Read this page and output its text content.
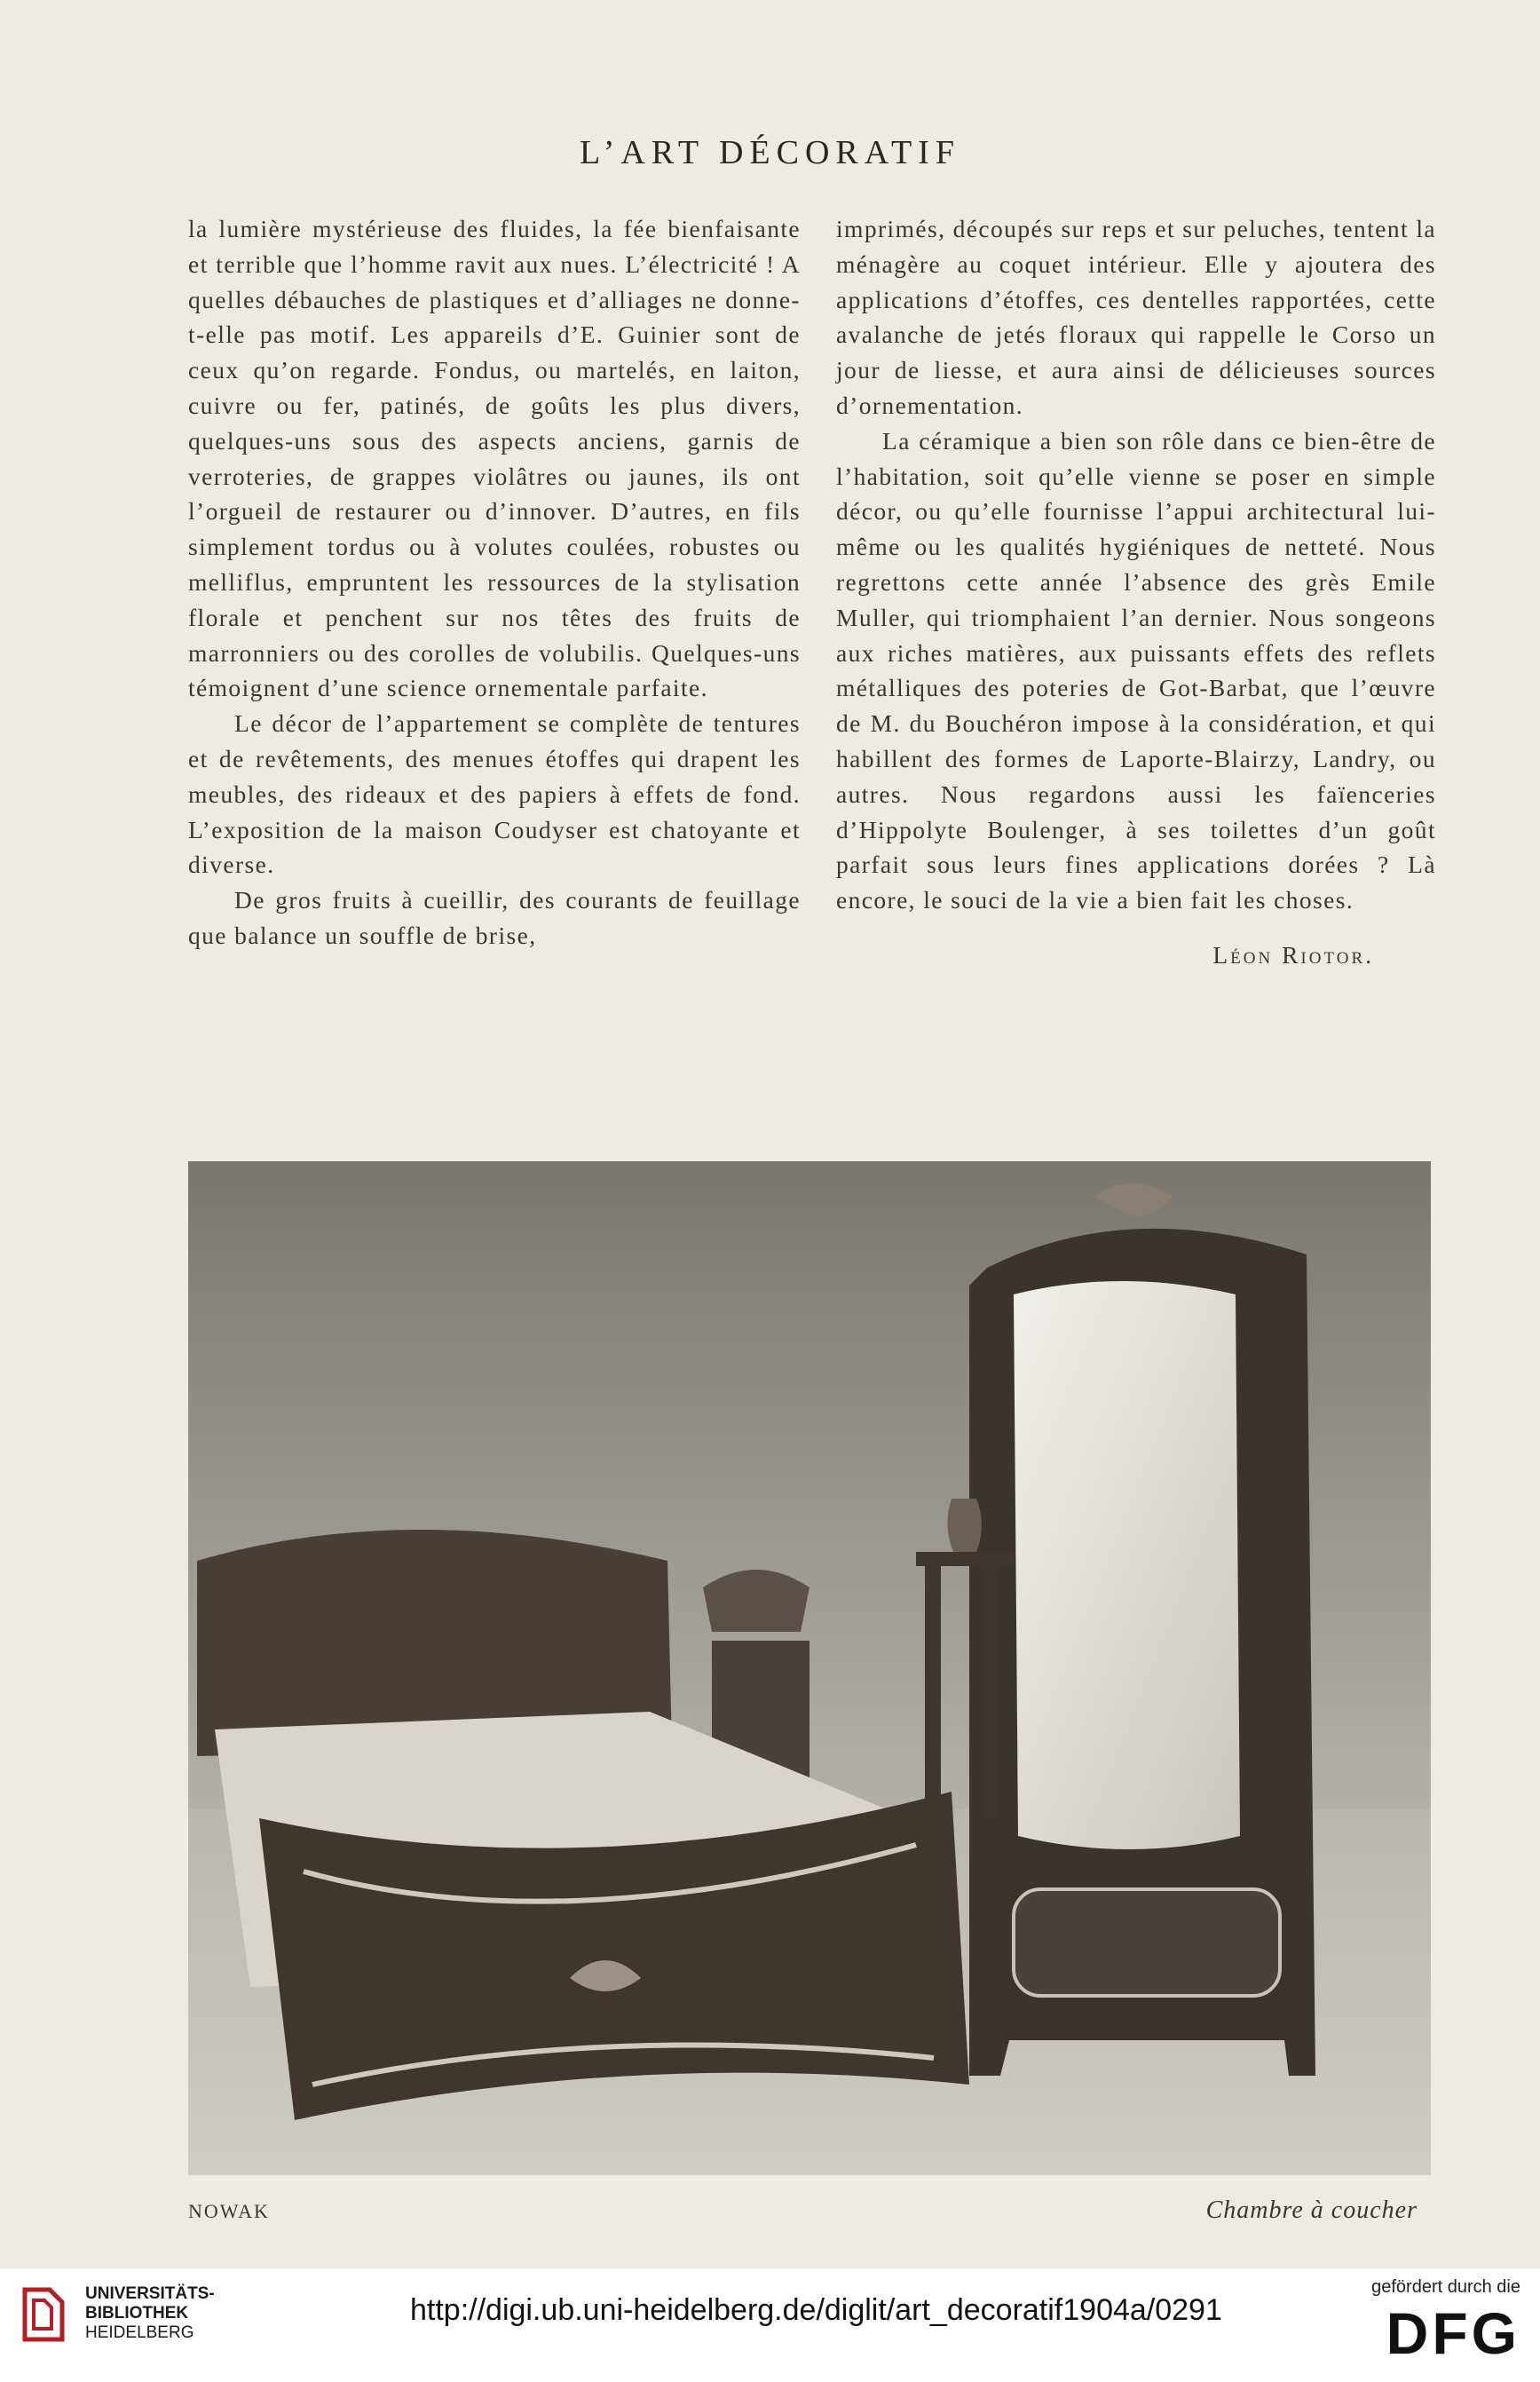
L’ART DÉCORATIF

la lumière mystérieuse des fluides, la fée bienfaisante et terrible que l’homme ravit aux nues. L’électricité ! A quelles débauches de plastiques et d’alliages ne donne-t-elle pas motif. Les appareils d’E. Guinier sont de ceux qu’on regarde. Fondus, ou martelés, en laiton, cuivre ou fer, patinés, de goûts les plus divers, quelques-uns sous des aspects anciens, garnis de verroteries, de grappes violâtres ou jaunes, ils ont l’orgueil de restaurer ou d’innover. D’autres, en fils simplement tordus ou à volutes coulées, robustes ou melliflus, empruntent les ressources de la stylisation florale et penchent sur nos têtes des fruits de marronniers ou des corolles de volubilis. Quelques-uns témoignent d’une science ornementale parfaite.

Le décor de l’appartement se complète de tentures et de revêtements, des menues étoffes qui drapent les meubles, des rideaux et des papiers à effets de fond. L’exposition de la maison Coudyser est chatoyante et diverse.

De gros fruits à cueillir, des courants de feuillage que balance un souffle de brise,

imprimés, découpés sur reps et sur peluches, tentent la ménagère au coquet intérieur. Elle y ajoutera des applications d’étoffes, ces dentelles rapportées, cette avalanche de jetés floraux qui rappelle le Corso un jour de liesse, et aura ainsi de délicieuses sources d’ornementation.

La céramique a bien son rôle dans ce bien-être de l’habitation, soit qu’elle vienne se poser en simple décor, ou qu’elle fournisse l’appui architectural lui-même ou les qualités hygiéniques de netteté. Nous regrettons cette année l’absence des grès Emile Muller, qui triomphaient l’an dernier. Nous songeons aux riches matières, aux puissants effets des reflets métalliques des poteries de Got-Barbat, que l’œuvre de M. du Bouchéron impose à la considération, et qui habillent des formes de Laporte-Blairzy, Landry, ou autres. Nous regardons aussi les faïenceries d’Hippolyte Boulenger, à ses toilettes d’un goût parfait sous leurs fines applications dorées ? Là encore, le souci de la vie a bien fait les choses.

Léon Riotor.
NOWAK	Chambre à coucher
UNIVERSITÄTS-
BIBLIOTHEK
HEIDELBERG
http://digi.ub.uni-heidelberg.de/diglit/art_decoratif1904a/0291
gefördert durch die
DFG
